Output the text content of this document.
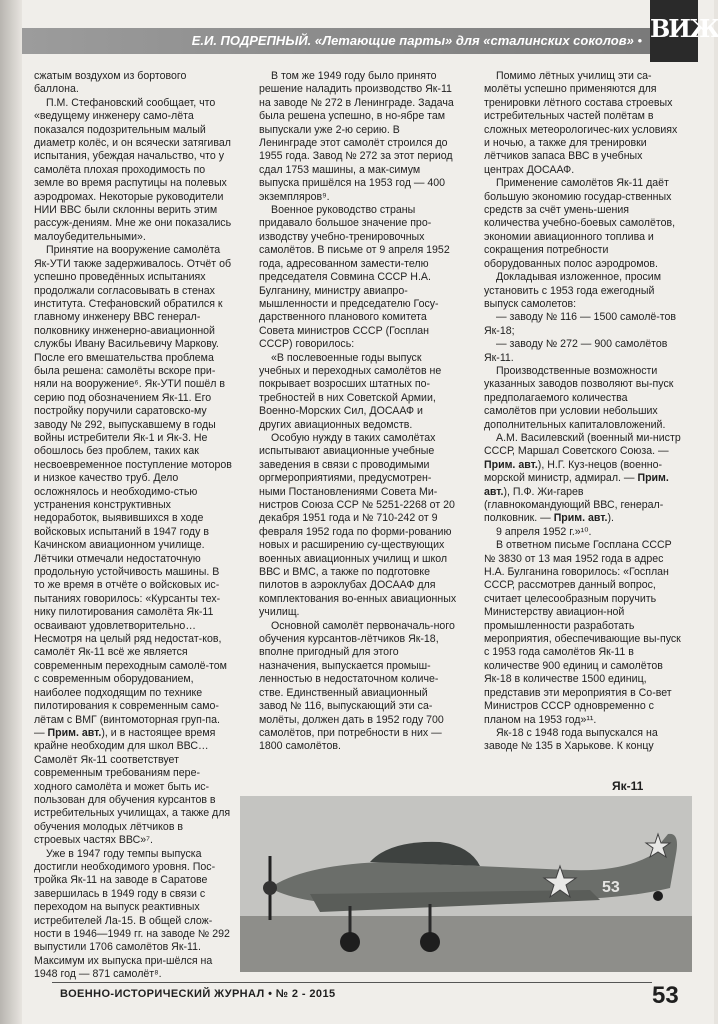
Е.И. ПОДРЕПНЫЙ. «Летающие парты» для «сталинских соколов» • ВИЖ

сжатым воздухом из бортового баллона.

П.М. Стефановский сообщает, что «ведущему инженеру само-лёта показался подозрительным малый диаметр колёс, и он всячески затягивал испытания, убеждая начальство, что у самолёта плохая проходимость по земле во время распутицы на полевых аэродромах. Некоторые руководители НИИ ВВС были склонны верить этим рассуж-дениям. Мне же они показались малоубедительными».

Принятие на вооружение самолёта Як-УТИ также задерживалось. Отчёт об успешно проведённых испытаниях продолжали согласовывать в стенах института. Стефановский обратился к главному инженеру ВВС генерал-полковнику инженерно-авиационной службы Ивану Васильевичу Маркову. После его вмешательства проблема была решена: самолёты вскоре при-няли на вооружение⁶. Як-УТИ пошёл в серию под обозначением Як-11. Его постройку поручили саратовско-му заводу № 292, выпускавшему в годы войны истребители Як-1 и Як-3. Не обошлось без проблем, таких как несвоевременное поступление моторов и низкое качество труб. Дело осложнялось и необходимо-стью устранения конструктивных недоработок, выявившихся в ходе войсковых испытаний в 1947 году в Качинском авиационном училище. Лётчики отмечали недостаточную продольную устойчивость машины. В то же время в отчёте о войсковых ис-пытаниях говорилось: «Курсанты тех-нику пилотирования самолёта Як-11 осваивают удовлетворительно… Несмотря на целый ряд недостат-ков, самолёт Як-11 всё же является современным переходным самолё-том с современным оборудованием, наиболее подходящим по технике пилотирования к современным само-лётам с ВМГ (винтомоторная груп-па. — Прим. авт.), и в настоящее время крайне необходим для школ ВВС… Самолёт Як-11 соответствует современным требованиям пере-ходного самолёта и может быть ис-пользован для обучения курсантов в истребительных училищах, а также для обучения молодых лётчиков в строевых частях ВВС»⁷.

Уже в 1947 году темпы выпуска достигли необходимого уровня. Пос-тройка Як-11 на заводе в Саратове завершилась в 1949 году в связи с переходом на выпуск реактивных истребителей Ла-15. В общей слож-ности в 1946—1949 гг. на заводе № 292 выпустили 1706 самолётов Як-11. Максимум их выпуска при-шёлся на 1948 год — 871 самолёт⁸.

В том же 1949 году было принято решение наладить производство Як-11 на заводе № 272 в Ленинграде. Задача была решена успешно, в но-ябре там выпускали уже 2-ю серию. В Ленинграде этот самолёт строился до 1955 года. Завод № 272 за этот период сдал 1753 машины, а мак-симум выпуска пришёлся на 1953 год — 400 экземпляров⁹.

Военное руководство страны придавало большое значение про-изводству учебно-тренировочных самолётов. В письме от 9 апреля 1952 года, адресованном замести-телю председателя Совмина СССР Н.А. Булганину, министру авиапро-мышленности и председателю Госу-дарственного планового комитета Совета министров СССР (Госплан СССР) говорилось:

«В послевоенные годы выпуск учебных и переходных самолётов не покрывает возросших штатных по-требностей в них Советской Армии, Военно-Морских Сил, ДОСААФ и других авиационных ведомств.

Особую нужду в таких самолётах испытывают авиационные учебные заведения в связи с проводимыми оргмероприятиями, предусмотрен-ными Постановлениями Совета Ми-нистров Союза ССР № 5251-2268 от 20 декабря 1951 года и № 710-242 от 9 февраля 1952 года по форми-рованию новых и расширению су-ществующих военных авиационных училищ и школ ВВС и ВМС, а также по подготовке пилотов в аэроклубах ДОСААФ для комплектования во-енных авиационных училищ.

Основной самолёт первоначаль-ного обучения курсантов-лётчиков Як-18, вполне пригодный для этого назначения, выпускается промыш-ленностью в недостаточном количе-стве. Единственный авиационный завод № 116, выпускающий эти са-молёты, должен дать в 1952 году 700 самолётов, при потребности в них — 1800 самолётов.

Помимо лётных училищ эти са-молёты успешно применяются для тренировки лётного состава строевых истребительных частей полётам в сложных метеорологичес-ких условиях и ночью, а также для тренировки лётчиков запаса ВВС в учебных центрах ДОСААФ.

Применение самолётов Як-11 даёт большую экономию государ-ственных средств за счёт умень-шения количества учебно-боевых самолётов, экономии авиационного топлива и сокращения потребности оборудованных полос аэродромов.

Докладывая изложенное, просим установить с 1953 года ежегодный выпуск самолетов:

— заводу № 116 — 1500 самолё-тов Як-18;

— заводу № 272 — 900 самолётов Як-11.

Производственные возможности указанных заводов позволяют вы-пуск предполагаемого количества самолётов при условии небольших дополнительных капиталовложений.

А.М. Василевский (военный ми-нистр СССР, Маршал Советского Союза. — Прим. авт.), Н.Г. Куз-нецов (военно-морской министр, адмирал. — Прим. авт.), П.Ф. Жи-гарев (главнокомандующий ВВС, генерал-полковник. — Прим. авт.).

9 апреля 1952 г.»¹⁰.

В ответном письме Госплана СССР № 3830 от 13 мая 1952 года в адрес Н.А. Булганина говорилось: «Госплан СССР, рассмотрев данный вопрос, считает целесообразным поручить Министерству авиацион-ной промышленности разработать мероприятия, обеспечивающие вы-пуск с 1953 года самолётов Як-11 в количестве 900 единиц и самолётов Як-18 в количестве 1500 единиц, представив эти мероприятия в Со-вет Министров СССР одновременно с планом на 1953 год»¹¹.

Як-18 с 1948 года выпускался на заводе № 135 в Харькове. К концу

Як-11
53
ВОЕННО-ИСТОРИЧЕСКИЙ ЖУРНАЛ • № 2 - 2015	53
